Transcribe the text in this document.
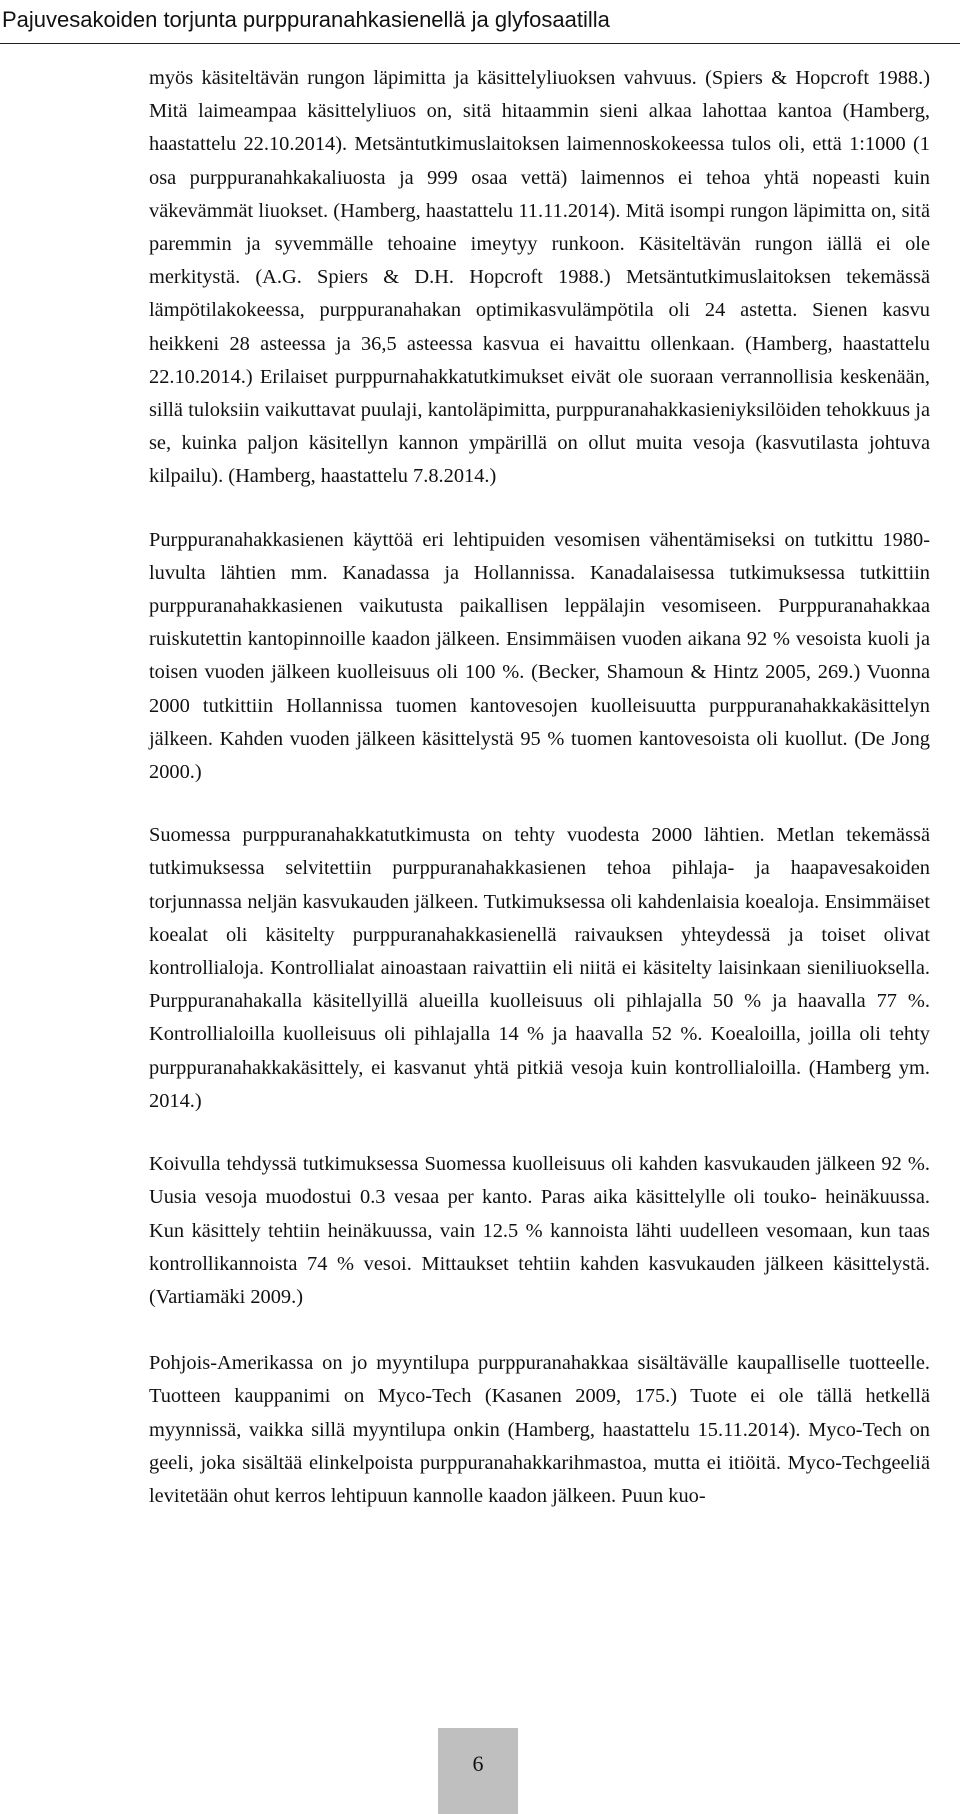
Pajuvesakoiden torjunta purppuranahkasienellä ja glyfosaatilla

myös käsiteltävän rungon läpimitta ja käsittelyliuoksen vahvuus. (Spiers & Hopcroft 1988.) Mitä laimeampaa käsittelyliuos on, sitä hitaammin sieni alkaa lahottaa kantoa (Hamberg, haastattelu 22.10.2014). Metsäntutkimuslaitoksen laimennoskokeessa tulos oli, että 1:1000 (1 osa purppuranahkakaliuosta ja 999 osaa vettä) laimennos ei tehoa yhtä nopeasti kuin väkevämmät liuokset. (Hamberg, haastattelu 11.11.2014). Mitä isompi rungon läpimitta on, sitä paremmin ja syvemmälle tehoaine imeytyy runkoon. Käsiteltävän rungon iällä ei ole merkitystä. (A.G. Spiers & D.H. Hopcroft 1988.) Metsäntutkimuslaitoksen tekemässä lämpötilakokeessa, purppuranahakan optimikasvulämpötila oli 24 astetta. Sienen kasvu heikkeni 28 asteessa ja 36,5 asteessa kasvua ei havaittu ollenkaan. (Hamberg, haastattelu 22.10.2014.) Erilaiset purppurnahakkatutkimukset eivät ole suoraan verrannollisia keskenään, sillä tuloksiin vaikuttavat puulaji, kantoläpimitta, purppuranahakkasieniyksilöiden tehokkuus ja se, kuinka paljon käsitellyn kannon ympärillä on ollut muita vesoja (kasvutilasta johtuva kilpailu). (Hamberg, haastattelu 7.8.2014.)

Purppuranahakkasienen käyttöä eri lehtipuiden vesomisen vähentämiseksi on tutkittu 1980-luvulta lähtien mm. Kanadassa ja Hollannissa. Kanadalaisessa tutkimuksessa tutkittiin purppuranahakkasienen vaikutusta paikallisen leppälajin vesomiseen. Purppuranahakkaa ruiskutettin kantopinnoille kaadon jälkeen. Ensimmäisen vuoden aikana 92 % vesoista kuoli ja toisen vuoden jälkeen kuolleisuus oli 100 %. (Becker, Shamoun & Hintz 2005, 269.) Vuonna 2000 tutkittiin Hollannissa tuomen kantovesojen kuolleisuutta purppuranahakkakäsittelyn jälkeen. Kahden vuoden jälkeen käsittelystä 95 % tuomen kantovesoista oli kuollut. (De Jong 2000.)

Suomessa purppuranahakkatutkimusta on tehty vuodesta 2000 lähtien. Metlan tekemässä tutkimuksessa selvitettiin purppuranahakkasienen tehoa pihlaja- ja haapavesakoiden torjunnassa neljän kasvukauden jälkeen. Tutkimuksessa oli kahdenlaisia koealoja. Ensimmäiset koealat oli käsitelty purppuranahakkasienellä raivauksen yhteydessä ja toiset olivat kontrollialoja. Kontrollialat ainoastaan raivattiin eli niitä ei käsitelty laisinkaan sieniliuoksella. Purppuranahakalla käsitellyillä alueilla kuolleisuus oli pihlajalla 50 % ja haavalla 77 %. Kontrollialoilla kuolleisuus oli pihlajalla 14 % ja haavalla 52 %. Koealoilla, joilla oli tehty purppuranahakkakäsittely, ei kasvanut yhtä pitkiä vesoja kuin kontrollialoilla. (Hamberg ym. 2014.)

Koivulla tehdyssä tutkimuksessa Suomessa kuolleisuus oli kahden kasvukauden jälkeen 92 %. Uusia vesoja muodostui 0.3 vesaa per kanto. Paras aika käsittelylle oli touko- heinäkuussa. Kun käsittely tehtiin heinäkuussa, vain 12.5 % kannoista lähti uudelleen vesomaan, kun taas kontrollikannoista 74 % vesoi. Mittaukset tehtiin kahden kasvukauden jälkeen käsittelystä. (Vartiamäki 2009.)

Pohjois-Amerikassa on jo myyntilupa purppuranahakkaa sisältävälle kaupalliselle tuotteelle. Tuotteen kauppanimi on Myco-Tech (Kasanen 2009, 175.) Tuote ei ole tällä hetkellä myynnissä, vaikka sillä myyntilupa onkin (Hamberg, haastattelu 15.11.2014). Myco-Tech on geeli, joka sisältää elinkelpoista purppuranahakkarihmastoa, mutta ei itiöitä. Myco-Techgeeliä levitetään ohut kerros lehtipuun kannolle kaadon jälkeen. Puun kuo-

6
